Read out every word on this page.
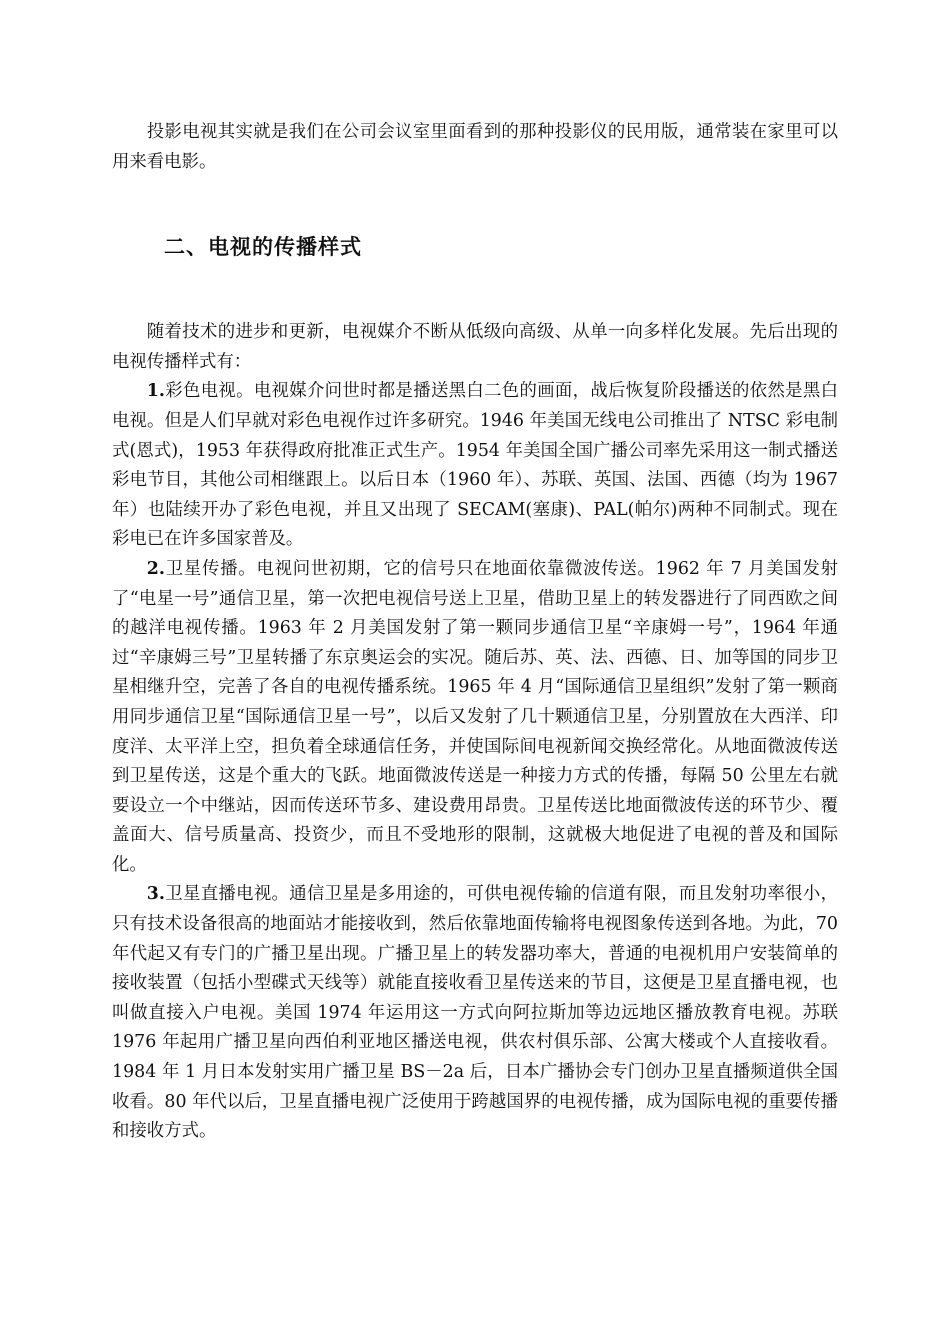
投影电视其实就是我们在公司会议室里面看到的那种投影仪的民用版，通常装在家里可以用来看电影。

二、电视的传播样式

随着技术的进步和更新，电视媒介不断从低级向高级、从单一向多样化发展。先后出现的电视传播样式有：

1.彩色电视。电视媒介问世时都是播送黑白二色的画面，战后恢复阶段播送的依然是黑白电视。但是人们早就对彩色电视作过许多研究。1946 年美国无线电公司推出了 NTSC 彩电制式(恩式)，1953 年获得政府批准正式生产。1954 年美国全国广播公司率先采用这一制式播送彩电节目，其他公司相继跟上。以后日本（1960 年）、苏联、英国、法国、西德（均为 1967 年）也陆续开办了彩色电视，并且又出现了 SECAM(塞康)、PAL(帕尔)两种不同制式。现在彩电已在许多国家普及。

2.卫星传播。电视问世初期，它的信号只在地面依靠微波传送。1962 年 7 月美国发射了“电星一号”通信卫星，第一次把电视信号送上卫星，借助卫星上的转发器进行了同西欧之间的越洋电视传播。1963 年 2 月美国发射了第一颗同步通信卫星“辛康姆一号”，1964 年通过“辛康姆三号”卫星转播了东京奥运会的实况。随后苏、英、法、西德、日、加等国的同步卫星相继升空，完善了各自的电视传播系统。1965 年 4 月“国际通信卫星组织”发射了第一颗商用同步通信卫星“国际通信卫星一号”，以后又发射了几十颗通信卫星，分别置放在大西洋、印度洋、太平洋上空，担负着全球通信任务，并使国际间电视新闻交换经常化。从地面微波传送到卫星传送，这是个重大的飞跃。地面微波传送是一种接力方式的传播，每隔 50 公里左右就要设立一个中继站，因而传送环节多、建设费用昂贵。卫星传送比地面微波传送的环节少、覆盖面大、信号质量高、投资少，而且不受地形的限制，这就极大地促进了电视的普及和国际化。

3.卫星直播电视。通信卫星是多用途的，可供电视传输的信道有限，而且发射功率很小，只有技术设备很高的地面站才能接收到，然后依靠地面传输将电视图象传送到各地。为此，70 年代起又有专门的广播卫星出现。广播卫星上的转发器功率大，普通的电视机用户安装简单的接收装置（包括小型碟式天线等）就能直接收看卫星传送来的节目，这便是卫星直播电视，也叫做直接入户电视。美国 1974 年运用这一方式向阿拉斯加等边远地区播放教育电视。苏联 1976 年起用广播卫星向西伯利亚地区播送电视，供农村俱乐部、公寓大楼或个人直接收看。 1984 年 1 月日本发射实用广播卫星 BS－2a 后，日本广播协会专门创办卫星直播频道供全国收看。80 年代以后，卫星直播电视广泛使用于跨越国界的电视传播，成为国际电视的重要传播和接收方式。
